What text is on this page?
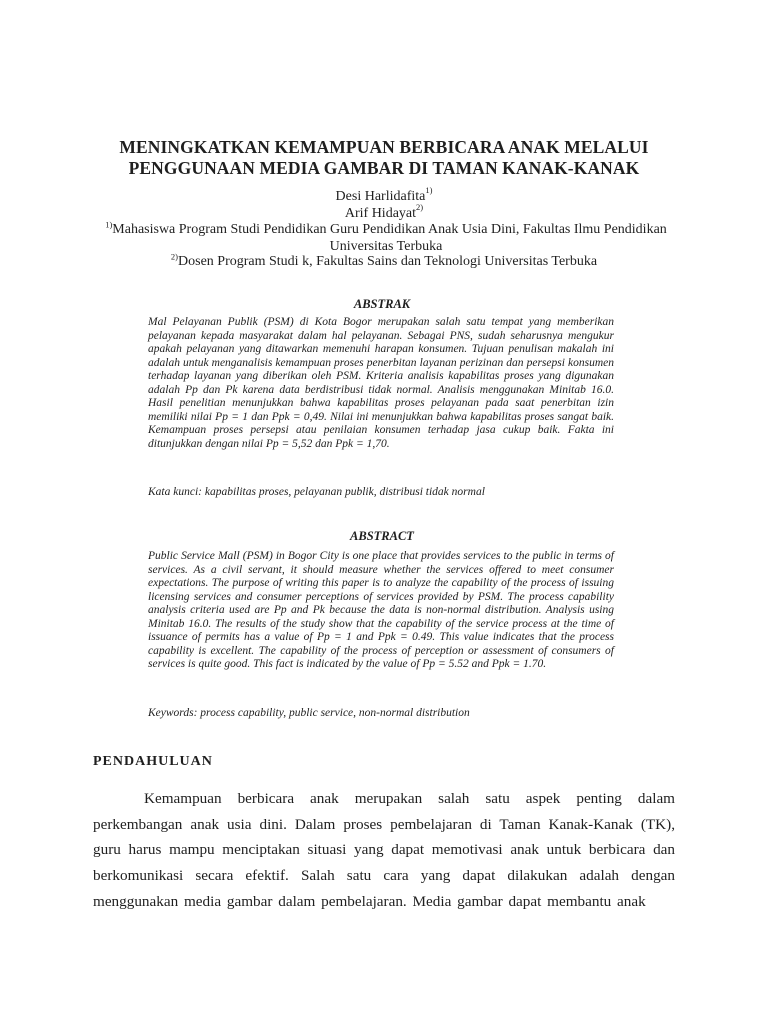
MENINGKATKAN KEMAMPUAN BERBICARA ANAK MELALUI
PENGGUNAAN MEDIA GAMBAR DI TAMAN KANAK-KANAK
Desi Harlidafita$^{1)}$
Arif Hidayat$^{2)}$
$^{1)}$Mahasiswa Program Studi Pendidikan Guru Pendidikan Anak Usia Dini, Fakultas Ilmu Pendidikan Universitas Terbuka
$^{2)}$Dosen Program Studi k, Fakultas Sains dan Teknologi Universitas Terbuka
ABSTRAK
Mal Pelayanan Publik (PSM) di Kota Bogor merupakan salah satu tempat yang memberikan pelayanan kepada masyarakat dalam hal pelayanan. Sebagai PNS, sudah seharusnya mengukur apakah pelayanan yang ditawarkan memenuhi harapan konsumen. Tujuan penulisan makalah ini adalah untuk menganalisis kemampuan proses penerbitan layanan perizinan dan persepsi konsumen terhadap layanan yang diberikan oleh PSM. Kriteria analisis kapabilitas proses yang digunakan adalah Pp dan Pk karena data berdistribusi tidak normal. Analisis menggunakan Minitab 16.0. Hasil penelitian menunjukkan bahwa kapabilitas proses pelayanan pada saat penerbitan izin memiliki nilai Pp = 1 dan Ppk = 0,49. Nilai ini menunjukkan bahwa kapabilitas proses sangat baik. Kemampuan proses persepsi atau penilaian konsumen terhadap jasa cukup baik. Fakta ini ditunjukkan dengan nilai Pp = 5,52 dan Ppk = 1,70.
Kata kunci: kapabilitas proses, pelayanan publik, distribusi tidak normal
ABSTRACT
Public Service Mall (PSM) in Bogor City is one place that provides services to the public in terms of services. As a civil servant, it should measure whether the services offered to meet consumer expectations. The purpose of writing this paper is to analyze the capability of the process of issuing licensing services and consumer perceptions of services provided by PSM. The process capability analysis criteria used are Pp and Pk because the data is non-normal distribution. Analysis using Minitab 16.0. The results of the study show that the capability of the service process at the time of issuance of permits has a value of Pp = 1 and Ppk = 0.49. This value indicates that the process capability is excellent. The capability of the process of perception or assessment of consumers of services is quite good. This fact is indicated by the value of Pp = 5.52 and Ppk = 1.70.
Keywords: process capability, public service, non-normal distribution
PENDAHULUAN
Kemampuan berbicara anak merupakan salah satu aspek penting dalam perkembangan anak usia dini. Dalam proses pembelajaran di Taman Kanak-Kanak (TK), guru harus mampu menciptakan situasi yang dapat memotivasi anak untuk berbicara dan berkomunikasi secara efektif. Salah satu cara yang dapat dilakukan adalah dengan menggunakan media gambar dalam pembelajaran. Media gambar dapat membantu anak
